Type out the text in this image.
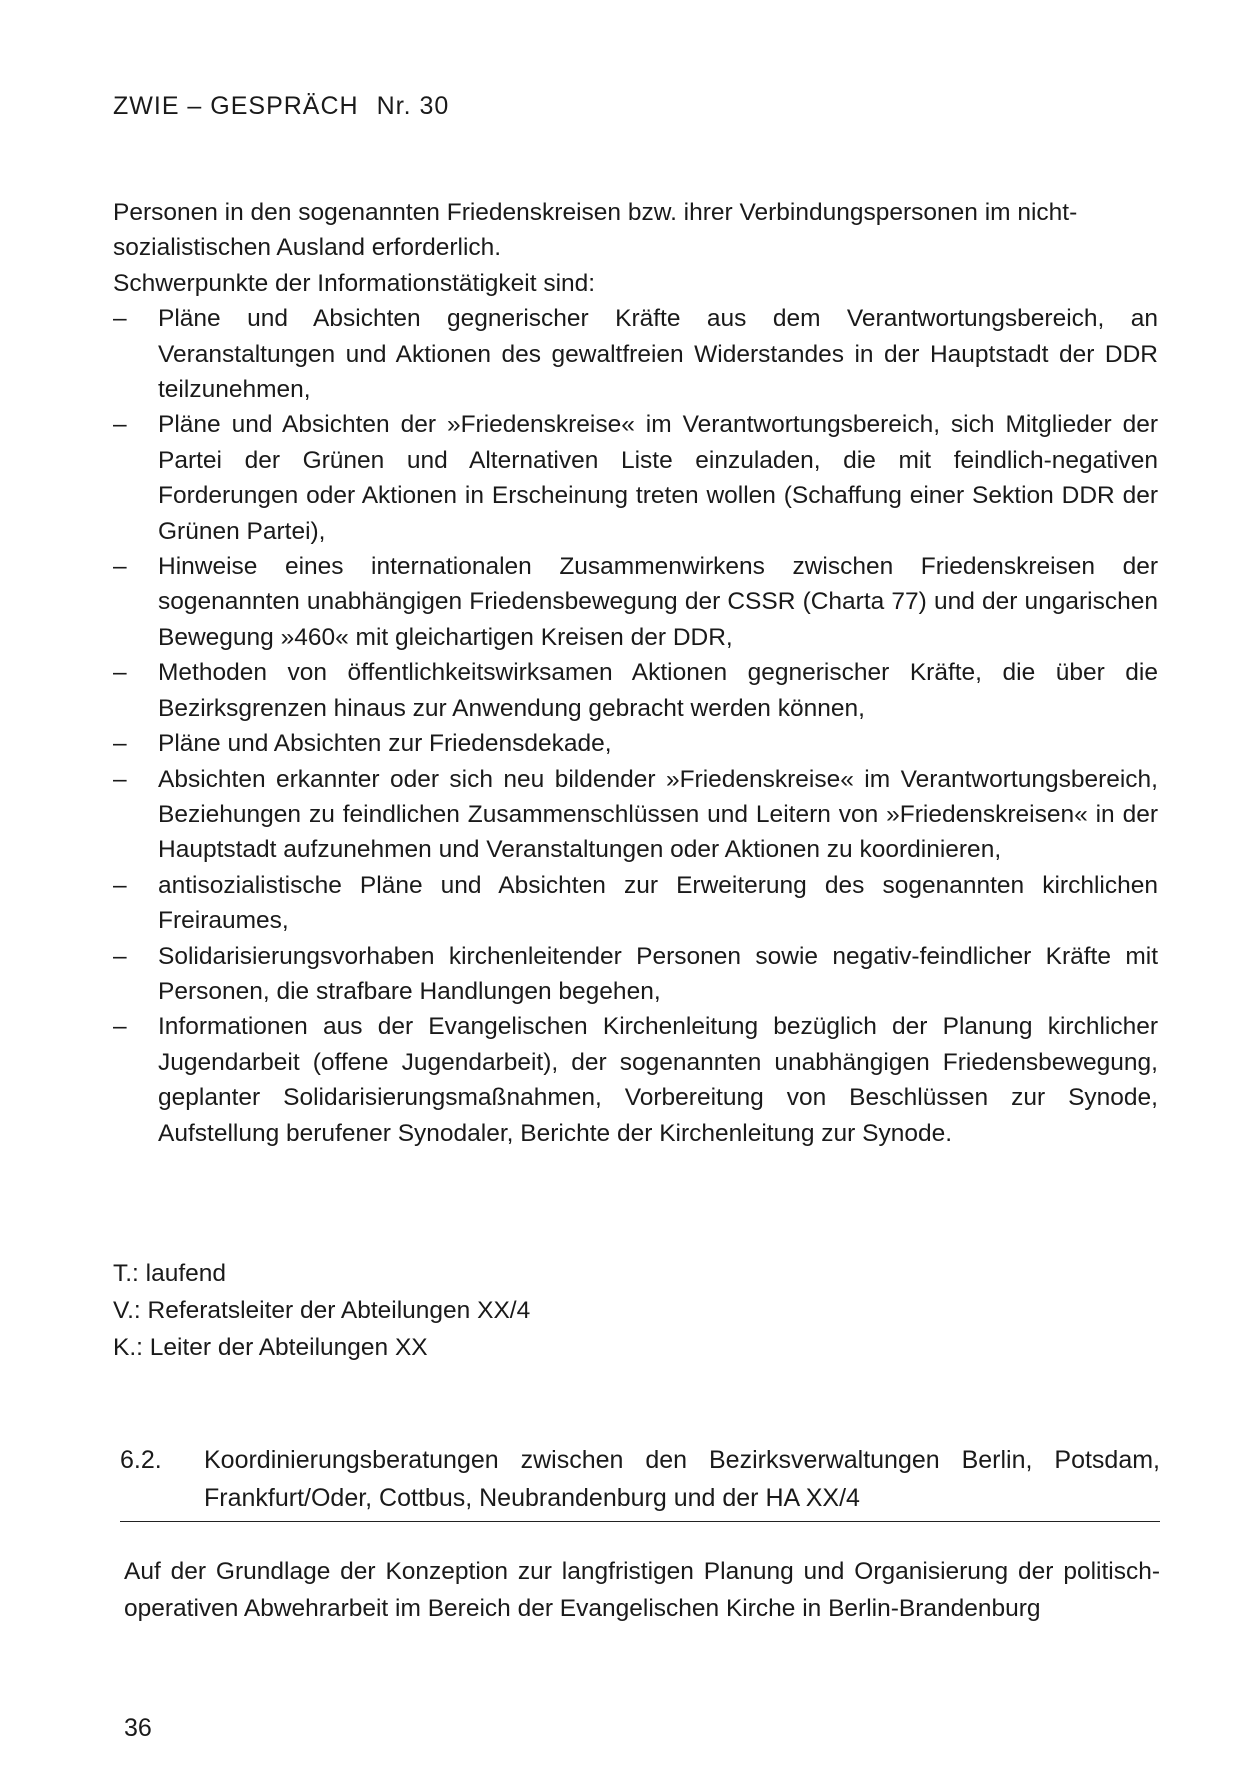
ZWIE – GESPRÄCH Nr. 30

Personen in den sogenannten Friedenskreisen bzw. ihrer Verbindungspersonen im nicht-

sozialistischen Ausland erforderlich.

Schwerpunkte der Informationstätigkeit sind:

– Pläne und Absichten gegnerischer Kräfte aus dem Verantwortungsbereich, an Veranstaltungen und Aktionen des gewaltfreien Widerstandes in der Hauptstadt der DDR teilzunehmen,
– Pläne und Absichten der »Friedenskreise« im Verantwortungsbereich, sich Mitglieder der Partei der Grünen und Alternativen Liste einzuladen, die mit feindlich-negativen Forderungen oder Aktionen in Erscheinung treten wollen (Schaffung einer Sektion DDR der Grünen Partei),
– Hinweise eines internationalen Zusammenwirkens zwischen Friedenskreisen der sogenannten unabhängigen Friedensbewegung der CSSR (Charta 77) und der ungarischen Bewegung »460« mit gleichartigen Kreisen der DDR,
– Methoden von öffentlichkeitswirksamen Aktionen gegnerischer Kräfte, die über die Bezirksgrenzen hinaus zur Anwendung gebracht werden können,
– Pläne und Absichten zur Friedensdekade,
– Absichten erkannter oder sich neu bildender »Friedenskreise« im Verantwortungsbereich, Beziehungen zu feindlichen Zusammenschlüssen und Leitern von »Friedenskreisen« in der Hauptstadt aufzunehmen und Veranstaltungen oder Aktionen zu koordinieren,
– antisozialistische Pläne und Absichten zur Erweiterung des sogenannten kirchlichen Freiraumes,
– Solidarisierungsvorhaben kirchenleitender Personen sowie negativ-feindlicher Kräfte mit Personen, die strafbare Handlungen begehen,
– Informationen aus der Evangelischen Kirchenleitung bezüglich der Planung kirchlicher Jugendarbeit (offene Jugendarbeit), der sogenannten unabhängigen Friedensbewegung, geplanter Solidarisierungsmaßnahmen, Vorbereitung von Beschlüssen zur Synode, Aufstellung berufener Synodaler, Berichte der Kirchenleitung zur Synode.
T.: laufend
V.: Referatsleiter der Abteilungen XX/4
K.: Leiter der Abteilungen XX
6.2.	Koordinierungsberatungen zwischen den Bezirksverwaltungen Berlin, Potsdam, Frankfurt/Oder, Cottbus, Neubrandenburg und der HA XX/4
Auf der Grundlage der Konzeption zur langfristigen Planung und Organisierung der politisch-operativen Abwehrarbeit im Bereich der Evangelischen Kirche in Berlin-Brandenburg
36
